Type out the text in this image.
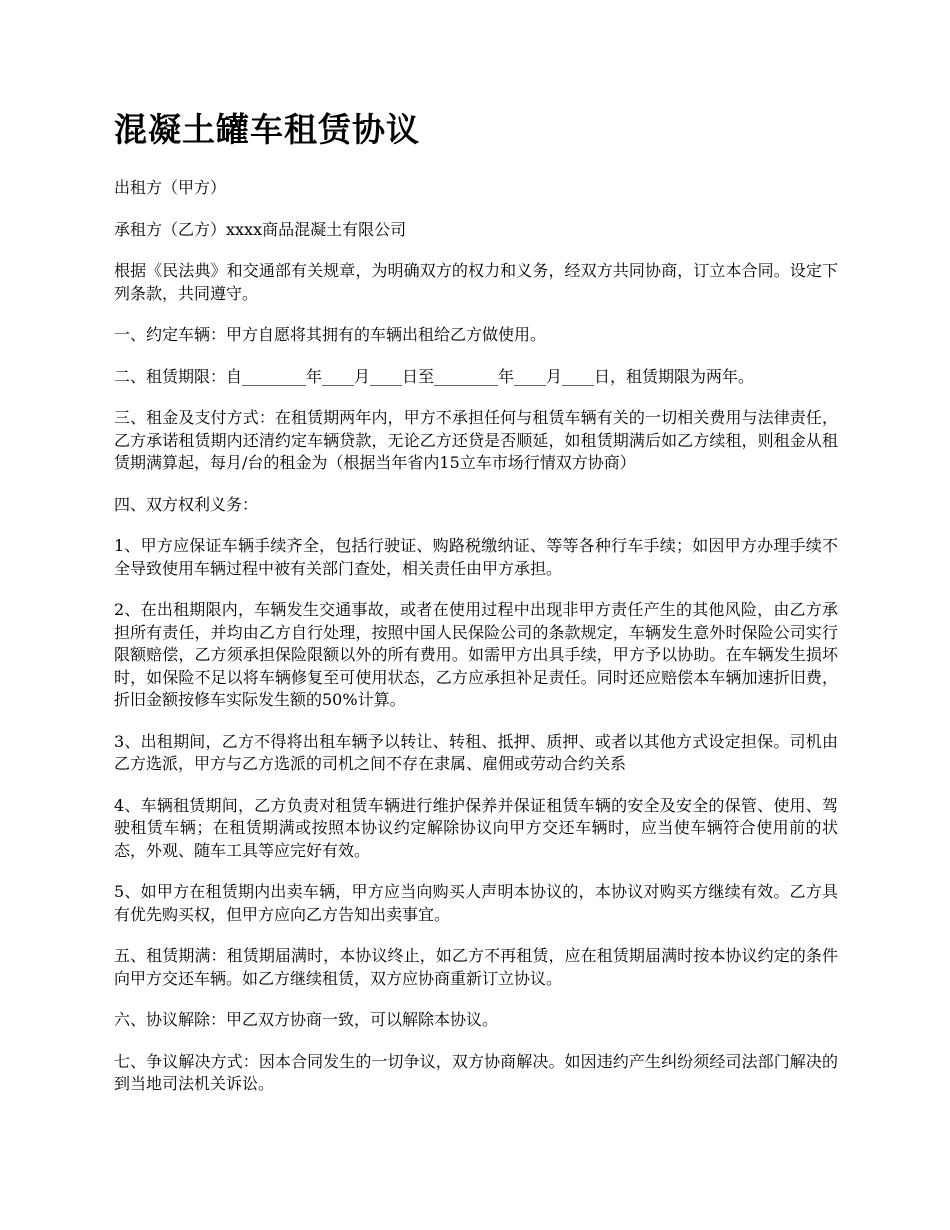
混凝土罐车租赁协议

出租方（甲方）

承租方（乙方）xxxx商品混凝土有限公司

根据《民法典》和交通部有关规章，为明确双方的权力和义务，经双方共同协商，订立本合同。设定下列条款，共同遵守。

一、约定车辆：甲方自愿将其拥有的车辆出租给乙方做使用。

二、租赁期限：自________年____月____日至________年____月____日，租赁期限为两年。

三、租金及支付方式：在租赁期两年内，甲方不承担任何与租赁车辆有关的一切相关费用与法律责任，乙方承诺租赁期内还清约定车辆贷款，无论乙方还贷是否顺延，如租赁期满后如乙方续租，则租金从租赁期满算起，每月/台的租金为（根据当年省内15立车市场行情双方协商）

四、双方权利义务：

1、甲方应保证车辆手续齐全，包括行驶证、购路税缴纳证、等等各种行车手续；如因甲方办理手续不全导致使用车辆过程中被有关部门查处，相关责任由甲方承担。

2、在出租期限内，车辆发生交通事故，或者在使用过程中出现非甲方责任产生的其他风险，由乙方承担所有责任，并均由乙方自行处理，按照中国人民保险公司的条款规定，车辆发生意外时保险公司实行限额赔偿，乙方须承担保险限额以外的所有费用。如需甲方出具手续，甲方予以协助。在车辆发生损坏时，如保险不足以将车辆修复至可使用状态，乙方应承担补足责任。同时还应赔偿本车辆加速折旧费，折旧金额按修车实际发生额的50%计算。

3、出租期间，乙方不得将出租车辆予以转让、转租、抵押、质押、或者以其他方式设定担保。司机由乙方选派，甲方与乙方选派的司机之间不存在隶属、雇佣或劳动合约关系

4、车辆租赁期间，乙方负责对租赁车辆进行维护保养并保证租赁车辆的安全及安全的保管、使用、驾驶租赁车辆；在租赁期满或按照本协议约定解除协议向甲方交还车辆时，应当使车辆符合使用前的状态，外观、随车工具等应完好有效。

5、如甲方在租赁期内出卖车辆，甲方应当向购买人声明本协议的，本协议对购买方继续有效。乙方具有优先购买权，但甲方应向乙方告知出卖事宜。

五、租赁期满：租赁期届满时，本协议终止，如乙方不再租赁，应在租赁期届满时按本协议约定的条件向甲方交还车辆。如乙方继续租赁，双方应协商重新订立协议。

六、协议解除：甲乙双方协商一致，可以解除本协议。

七、争议解决方式：因本合同发生的一切争议，双方协商解决。如因违约产生纠纷须经司法部门解决的到当地司法机关诉讼。
